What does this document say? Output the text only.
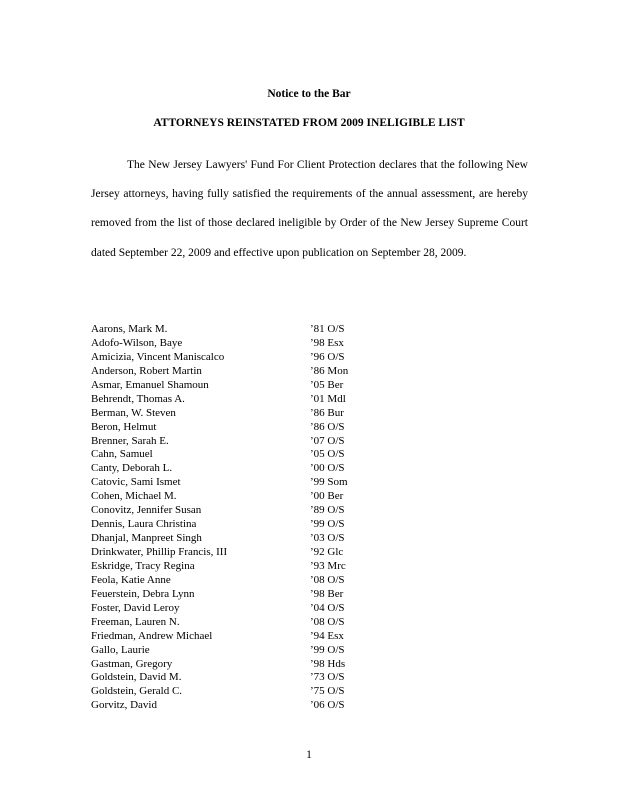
Notice to the Bar

ATTORNEYS REINSTATED FROM 2009 INELIGIBLE LIST

The New Jersey Lawyers' Fund For Client Protection declares that the following New Jersey attorneys, having fully satisfied the requirements of the annual assessment, are hereby removed from the list of those declared ineligible by Order of the New Jersey Supreme Court dated September 22, 2009 and effective upon publication on September 28, 2009.

Aarons, Mark M.	’81 O/S
Adofo-Wilson, Baye	’98 Esx
Amicizia, Vincent Maniscalco	’96 O/S
Anderson, Robert Martin	’86 Mon
Asmar, Emanuel Shamoun	’05 Ber
Behrendt, Thomas A.	’01 Mdl
Berman, W. Steven	’86 Bur
Beron, Helmut	’86 O/S
Brenner, Sarah E.	’07 O/S
Cahn, Samuel	’05 O/S
Canty, Deborah L.	’00 O/S
Catovic, Sami Ismet	’99 Som
Cohen, Michael M.	’00 Ber
Conovitz, Jennifer Susan	’89 O/S
Dennis, Laura Christina	’99 O/S
Dhanjal, Manpreet Singh	’03 O/S
Drinkwater, Phillip Francis, III	’92 Glc
Eskridge, Tracy Regina	’93 Mrc
Feola, Katie Anne	’08 O/S
Feuerstein, Debra Lynn	’98 Ber
Foster, David Leroy	’04 O/S
Freeman, Lauren N.	’08 O/S
Friedman, Andrew Michael	’94 Esx
Gallo, Laurie	’99 O/S
Gastman, Gregory	’98 Hds
Goldstein, David M.	’73 O/S
Goldstein, Gerald C.	’75 O/S
Gorvitz, David	’06 O/S
1
